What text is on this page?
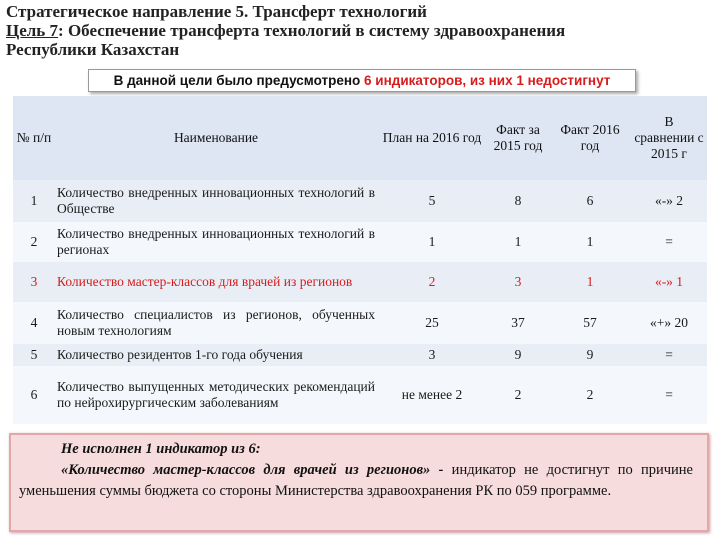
Стратегическое направление 5. Трансферт технологий
Цель 7: Обеспечение трансферта технологий в систему здравоохранения
Республики Казахстан
В данной цели было предусмотрено 6 индикаторов, из них 1 недостигнут
№ п/п	Наименование	План на 2016 год	Факт за 2015 год	Факт 2016 год	В сравнении с 2015 г
1	Количество внедренных инновационных технологий в Обществе	5	8	6	«-» 2
2	Количество внедренных инновационных технологий в регионах	1	1	1	=
3	Количество мастер-классов для врачей из регионов	2	3	1	«-» 1
4	Количество специалистов из регионов, обученных новым технологиям	25	37	57	«+» 20
5	Количество резидентов 1-го года обучения	3	9	9	=
6	Количество выпущенных методических рекомендаций по нейрохирургическим заболеваниям	не менее 2	2	2	=
Не исполнен 1 индикатор из 6:
«Количество мастер-классов для врачей из регионов» - индикатор не достигнут по причине уменьшения суммы бюджета со стороны Министерства здравоохранения РК по 059 программе.
